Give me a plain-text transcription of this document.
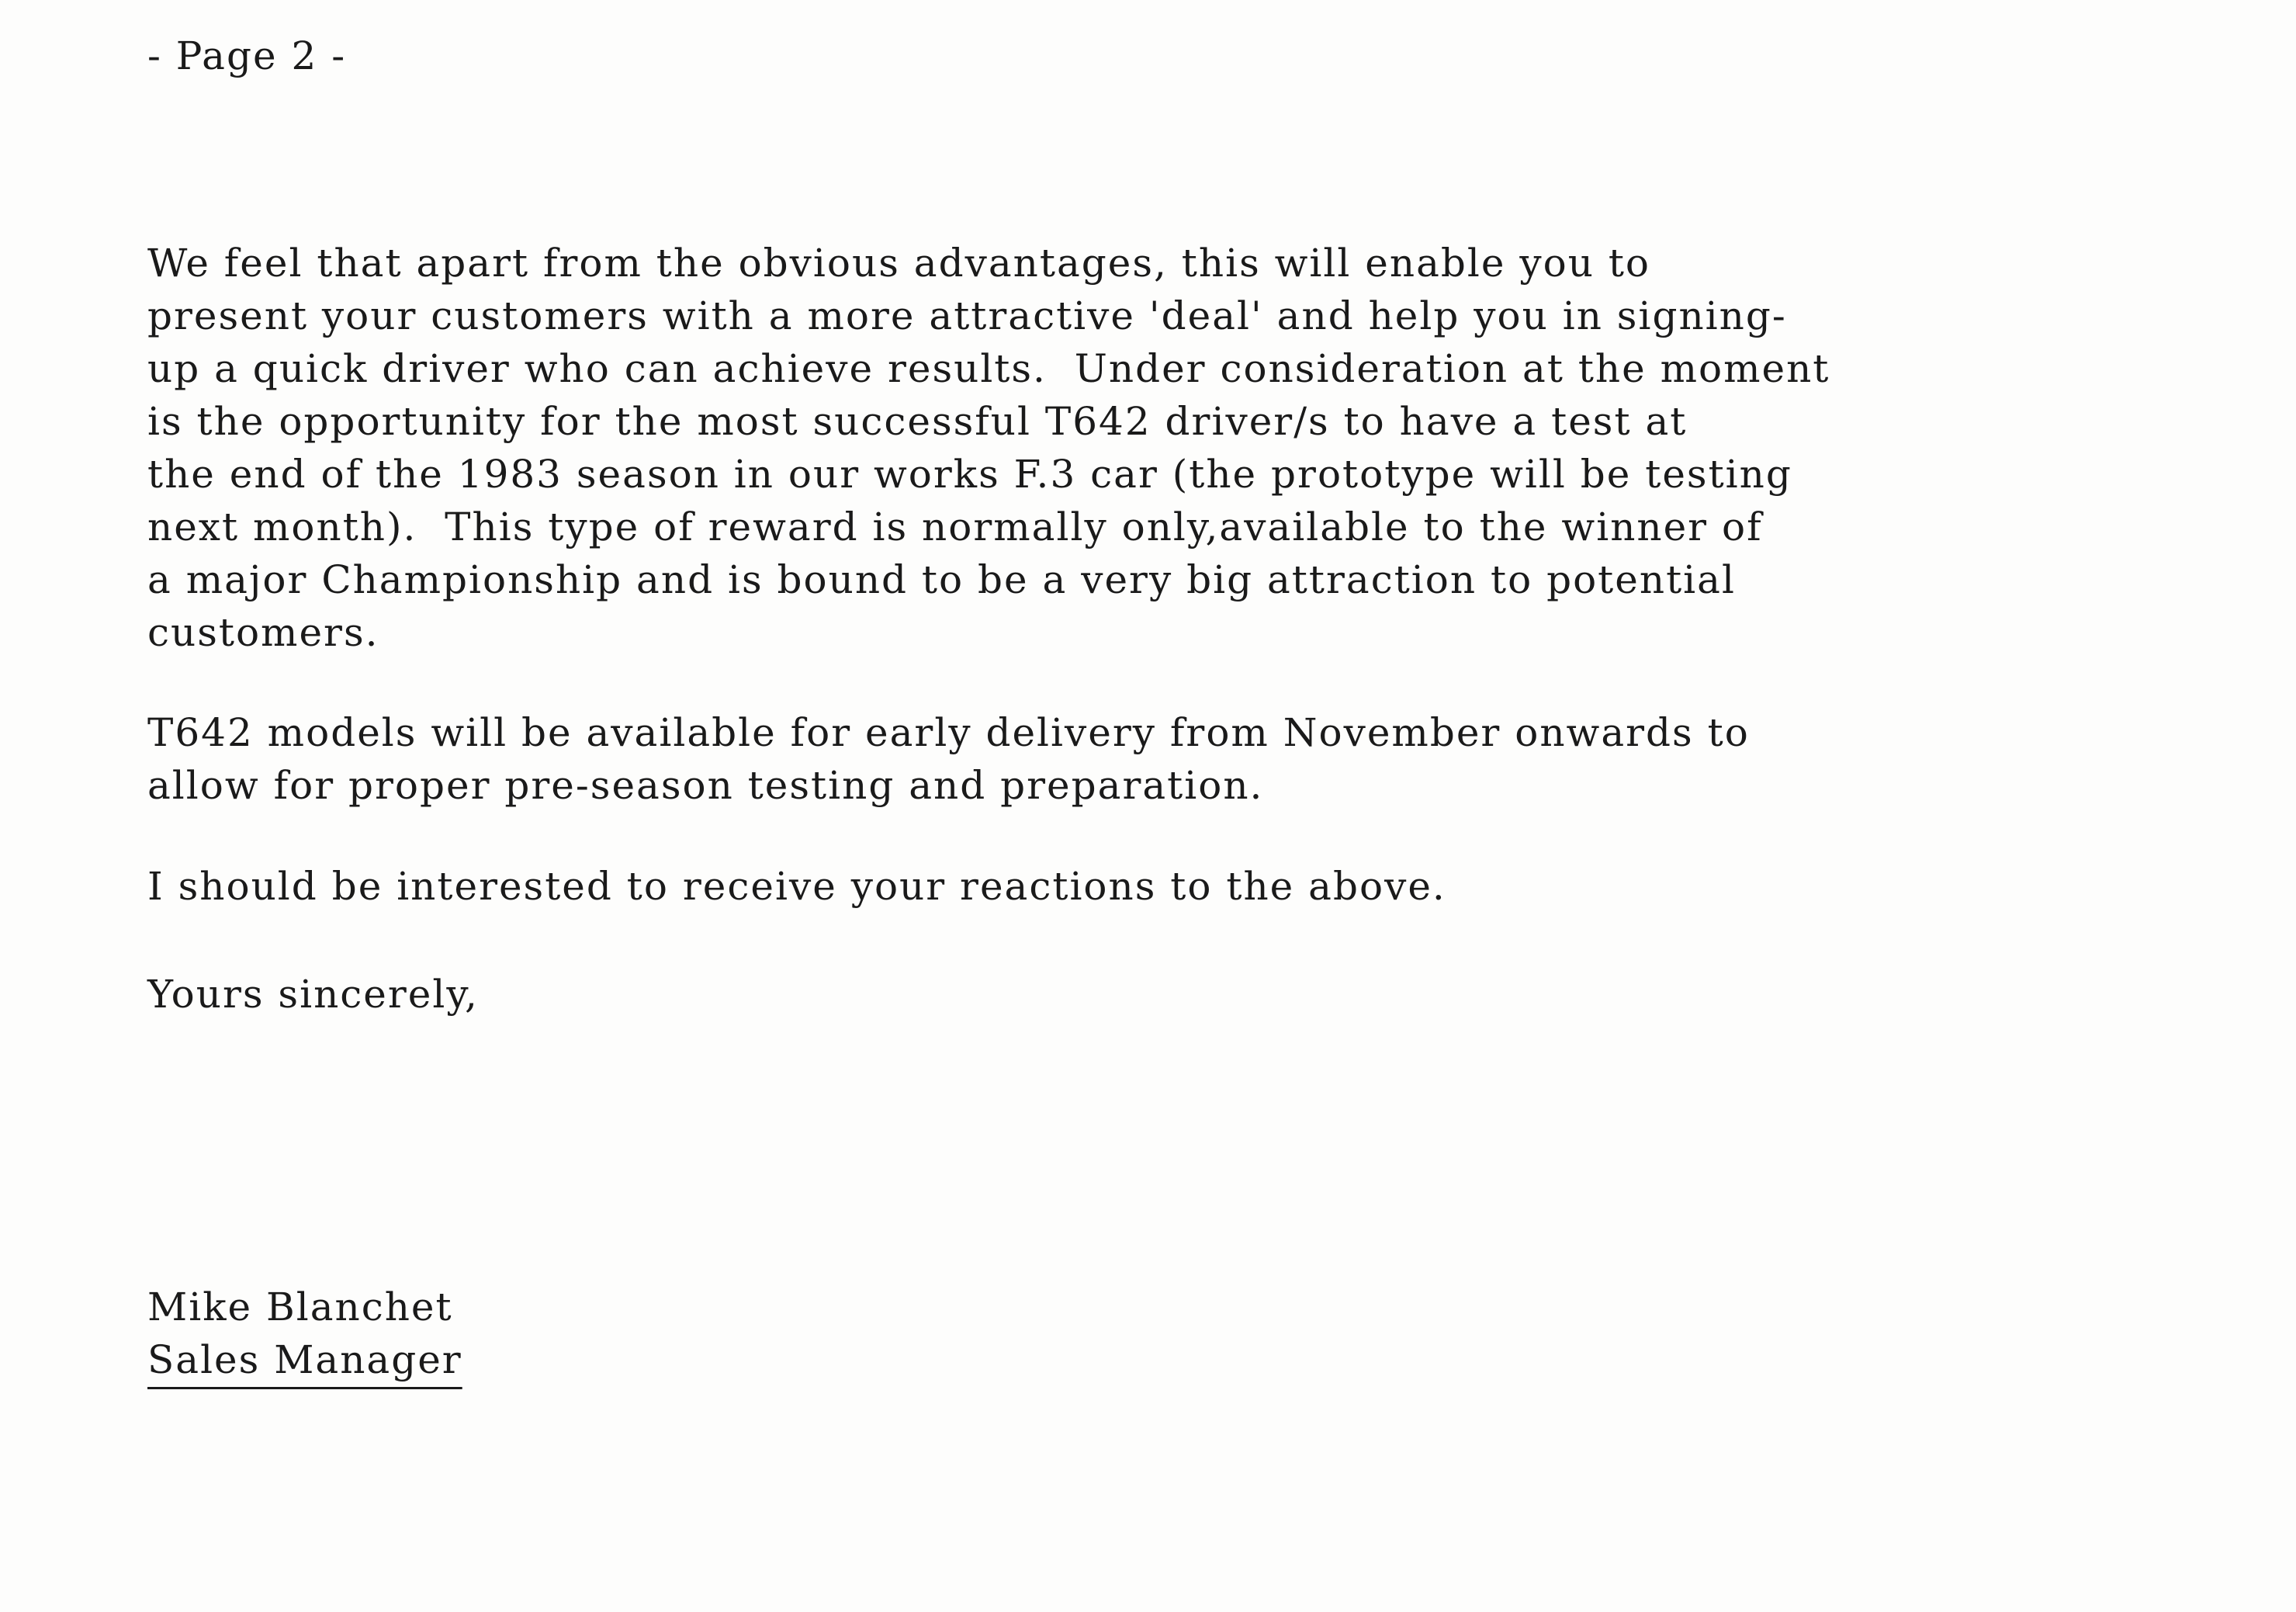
- Page 2 -
We feel that apart from the obvious advantages, this will enable you to
present your customers with a more attractive 'deal' and help you in signing-
up a quick driver who can achieve results.  Under consideration at the moment
is the opportunity for the most successful T642 driver/s to have a test at
the end of the 1983 season in our works F.3 car (the prototype will be testing
next month).  This type of reward is normally only,available to the winner of
a major Championship and is bound to be a very big attraction to potential
customers.
T642 models will be available for early delivery from November onwards to
allow for proper pre-season testing and preparation.
I should be interested to receive your reactions to the above.
Yours sincerely,
Mike Blanchet
Sales Manager
